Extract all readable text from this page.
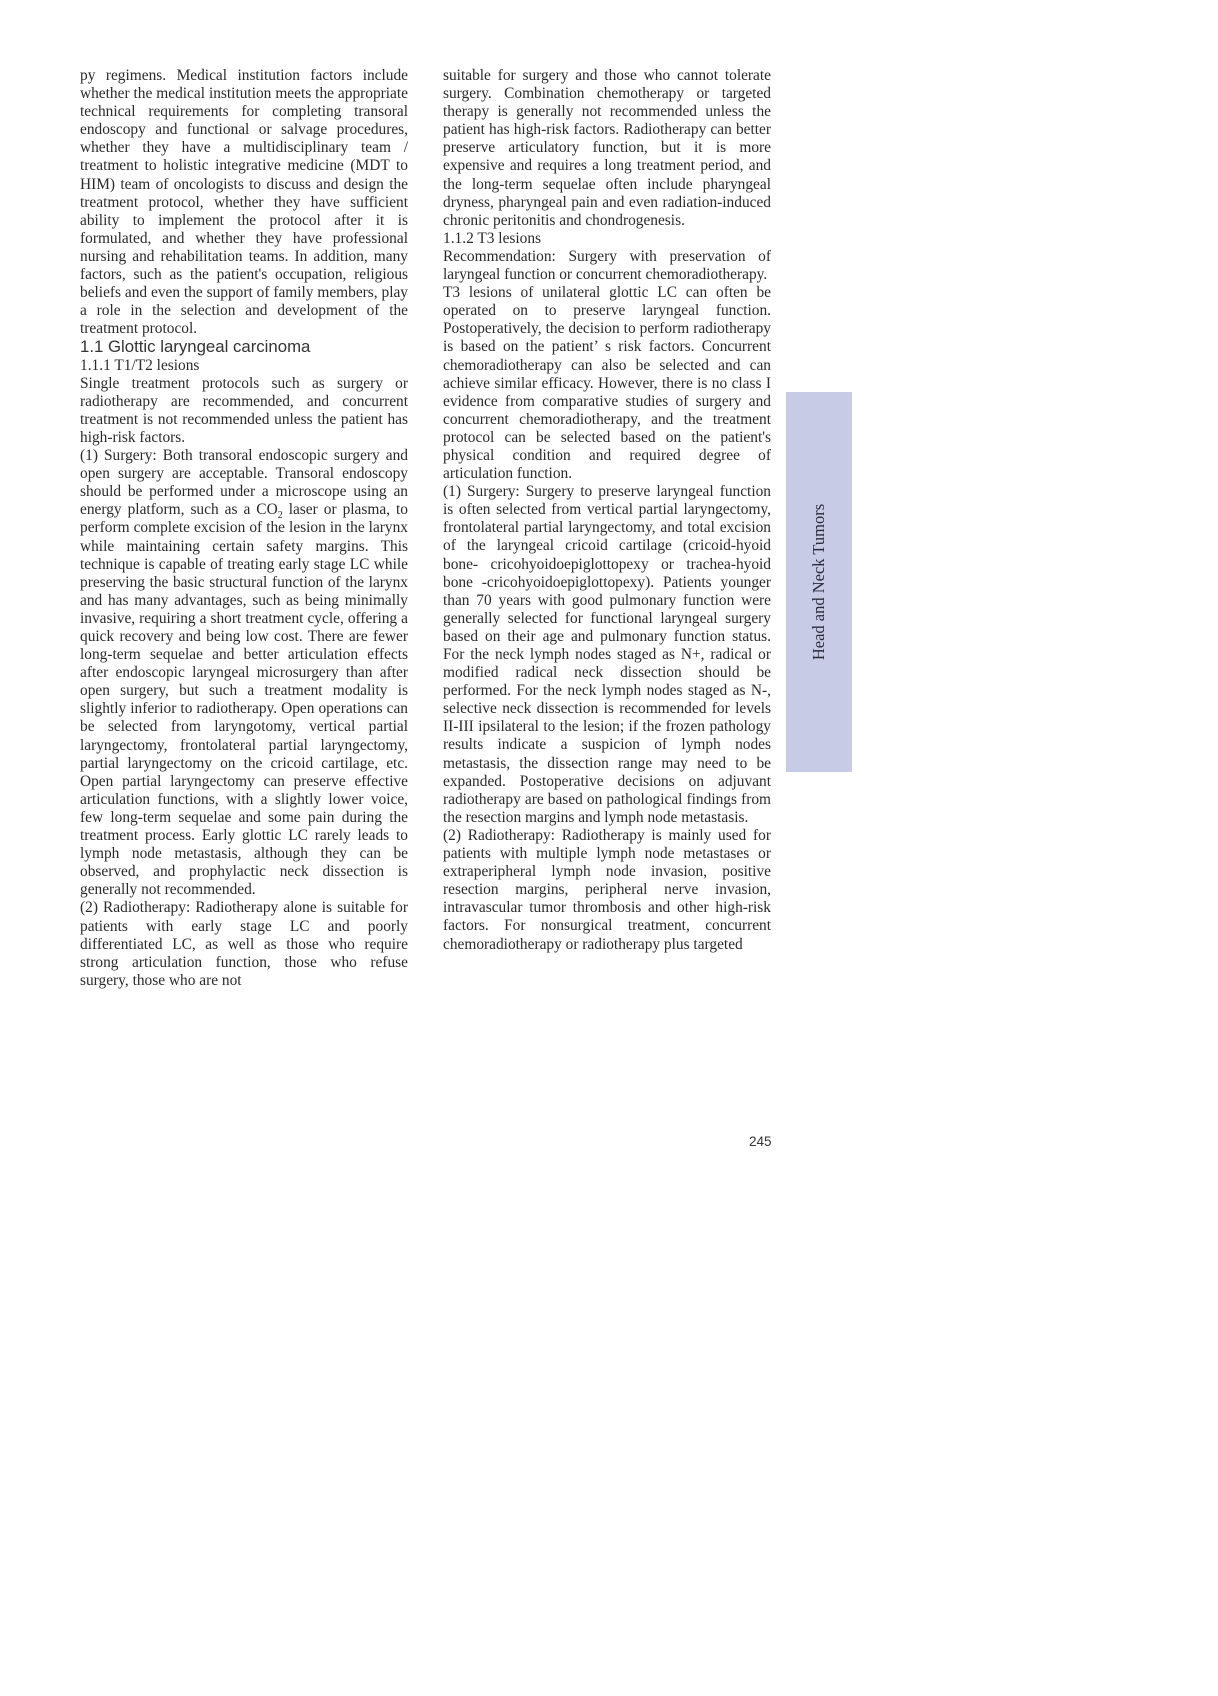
py regimens. Medical institution factors include whether the medical institution meets the appropriate technical requirements for completing transoral endoscopy and functional or salvage procedures, whether they have a multidisciplinary team / treatment to holistic integrative medicine (MDT to HIM) team of oncologists to discuss and design the treatment protocol, whether they have sufficient ability to implement the protocol after it is formulated, and whether they have professional nursing and rehabilitation teams. In addition, many factors, such as the patient's occupation, religious beliefs and even the support of family members, play a role in the selection and development of the treatment protocol.

1.1 Glottic laryngeal carcinoma

1.1.1 T1/T2 lesions

Single treatment protocols such as surgery or radiotherapy are recommended, and concurrent treatment is not recommended unless the patient has high-risk factors.

(1) Surgery: Both transoral endoscopic surgery and open surgery are acceptable. Transoral endoscopy should be performed under a microscope using an energy platform, such as a $CO_2$ laser or plasma, to perform complete excision of the lesion in the larynx while maintaining certain safety margins. This technique is capable of treating early stage LC while preserving the basic structural function of the larynx and has many advantages, such as being minimally invasive, requiring a short treatment cycle, offering a quick recovery and being low cost. There are fewer long-term sequelae and better articulation effects after endoscopic laryngeal microsurgery than after open surgery, but such a treatment modality is slightly inferior to radiotherapy. Open operations can be selected from laryngotomy, vertical partial laryngectomy, frontolateral partial laryngectomy, partial laryngectomy on the cricoid cartilage, etc. Open partial laryngectomy can preserve effective articulation functions, with a slightly lower voice, few long-term sequelae and some pain during the treatment process. Early glottic LC rarely leads to lymph node metastasis, although they can be observed, and prophylactic neck dissection is generally not recommended.

(2) Radiotherapy: Radiotherapy alone is suitable for patients with early stage LC and poorly differentiated LC, as well as those who require strong articulation function, those who refuse surgery, those who are not

suitable for surgery and those who cannot tolerate surgery. Combination chemotherapy or targeted therapy is generally not recommended unless the patient has high-risk factors. Radiotherapy can better preserve articulatory function, but it is more expensive and requires a long treatment period, and the long-term sequelae often include pharyngeal dryness, pharyngeal pain and even radiation-induced chronic peritonitis and chondrogenesis.

1.1.2 T3 lesions

Recommendation: Surgery with preservation of laryngeal function or concurrent chemoradiotherapy.

T3 lesions of unilateral glottic LC can often be operated on to preserve laryngeal function. Postoperatively, the decision to perform radiotherapy is based on the patient’ s risk factors. Concurrent chemoradiotherapy can also be selected and can achieve similar efficacy. However, there is no class I evidence from comparative studies of surgery and concurrent chemoradiotherapy, and the treatment protocol can be selected based on the patient's physical condition and required degree of articulation function.

(1) Surgery: Surgery to preserve laryngeal function is often selected from vertical partial laryngectomy, frontolateral partial laryngectomy, and total excision of the laryngeal cricoid cartilage (cricoid-hyoid bone- cricohyoidoepiglottopexy or trachea-hyoid bone -cricohyoidoepiglottopexy). Patients younger than 70 years with good pulmonary function were generally selected for functional laryngeal surgery based on their age and pulmonary function status. For the neck lymph nodes staged as N+, radical or modified radical neck dissection should be performed. For the neck lymph nodes staged as N-, selective neck dissection is recommended for levels II-III ipsilateral to the lesion; if the frozen pathology results indicate a suspicion of lymph nodes metastasis, the dissection range may need to be expanded. Postoperative decisions on adjuvant radiotherapy are based on pathological findings from the resection margins and lymph node metastasis.

(2) Radiotherapy: Radiotherapy is mainly used for patients with multiple lymph node metastases or extraperipheral lymph node invasion, positive resection margins, peripheral nerve invasion, intravascular tumor thrombosis and other high-risk factors. For nonsurgical treatment, concurrent chemoradiotherapy or radiotherapy plus targeted

Head and Neck Tumors
245
